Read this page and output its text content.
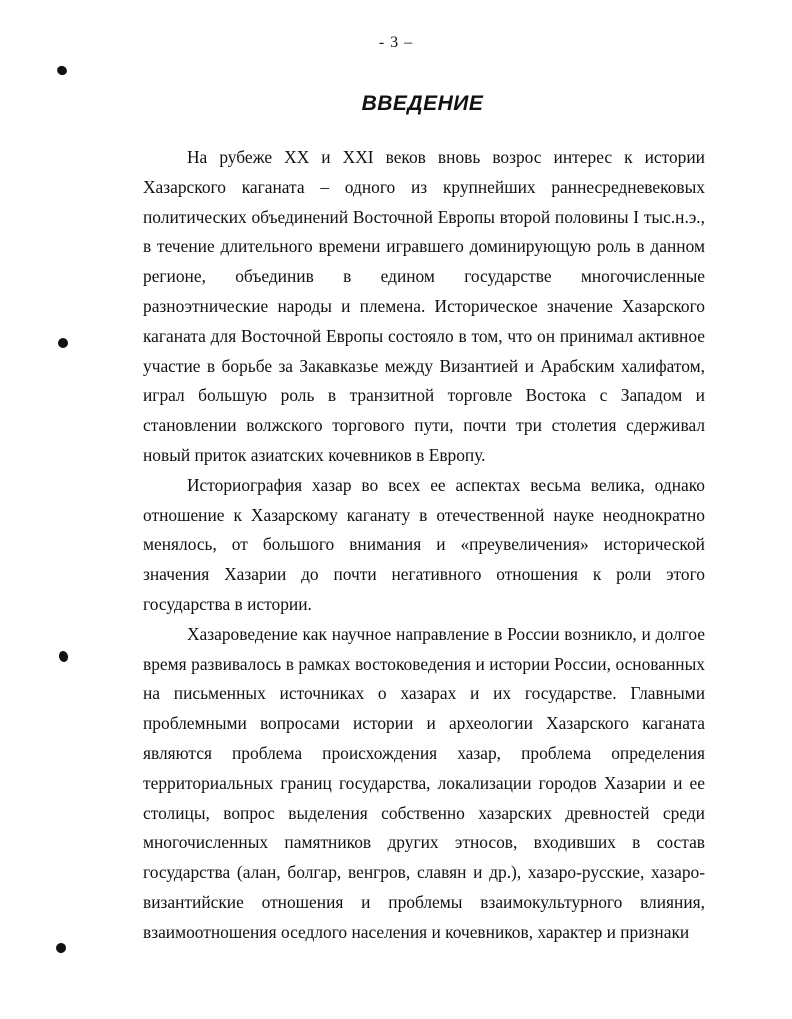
- 3 –
ВВЕДЕНИЕ

На рубеже XX и XXI веков вновь возрос интерес к истории Хазарского каганата – одного из крупнейших раннесредневековых политических объединений Восточной Европы второй половины I тыс.н.э., в течение длительного времени игравшего доминирующую роль в данном регионе, объединив в едином государстве многочисленные разноэтнические народы и племена. Историческое значение Хазарского каганата для Восточной Европы состояло в том, что он принимал активное участие в борьбе за Закавказье между Византией и Арабским халифатом, играл большую роль в транзитной торговле Востока с Западом и становлении волжского торгового пути, почти три столетия сдерживал новый приток азиатских кочевников в Европу.

Историография хазар во всех ее аспектах весьма велика, однако отношение к Хазарскому каганату в отечественной науке неоднократно менялось, от большого внимания и «преувеличения» исторической значения Хазарии до почти негативного отношения к роли этого государства в истории.

Хазароведение как научное направление в России возникло, и долгое время развивалось в рамках востоковедения и истории России, основанных на письменных источниках о хазарах и их государстве. Главными проблемными вопросами истории и археологии Хазарского каганата являются проблема происхождения хазар, проблема определения территориальных границ государства, локализации городов Хазарии и ее столицы, вопрос выделения собственно хазарских древностей среди многочисленных памятников других этносов, входивших в состав государства (алан, болгар, венгров, славян и др.), хазаро-русские, хазаро-византийские отношения и проблемы взаимокультурного влияния, взаимоотношения оседлого населения и кочевников, характер и признаки
